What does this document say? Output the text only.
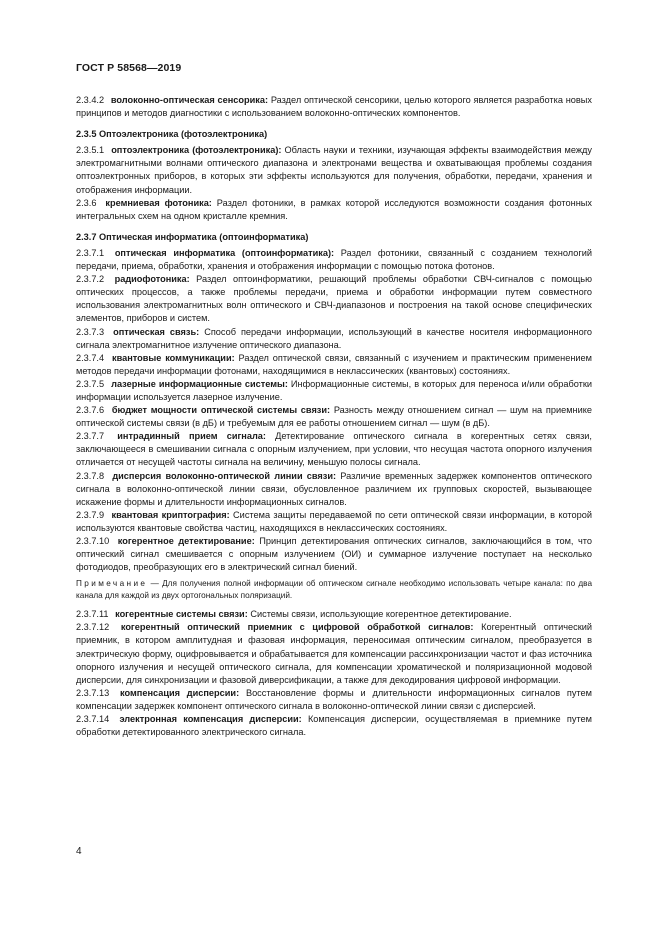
ГОСТ Р 58568—2019

2.3.4.2 волоконно-оптическая сенсорика: Раздел оптической сенсорики, целью которого является разработка новых принципов и методов диагностики с использованием волоконно-оптических компонентов.

2.3.5 Оптоэлектроника (фотоэлектроника)

2.3.5.1 оптоэлектроника (фотоэлектроника): Область науки и техники, изучающая эффекты взаимодействия между электромагнитными волнами оптического диапазона и электронами вещества и охватывающая проблемы создания оптоэлектронных приборов, в которых эти эффекты используются для получения, обработки, передачи, хранения и отображения информации.

2.3.6 кремниевая фотоника: Раздел фотоники, в рамках которой исследуются возможности создания фотонных интегральных схем на одном кристалле кремния.

2.3.7 Оптическая информатика (оптоинформатика)

2.3.7.1 оптическая информатика (оптоинформатика): Раздел фотоники, связанный с созданием технологий передачи, приема, обработки, хранения и отображения информации с помощью потока фотонов.

2.3.7.2 радиофотоника: Раздел оптоинформатики, решающий проблемы обработки СВЧ-сигналов с помощью оптических процессов, а также проблемы передачи, приема и обработки информации путем совместного использования электромагнитных волн оптического и СВЧ-диапазонов и построения на такой основе специфических элементов, приборов и систем.

2.3.7.3 оптическая связь: Способ передачи информации, использующий в качестве носителя информационного сигнала электромагнитное излучение оптического диапазона.

2.3.7.4 квантовые коммуникации: Раздел оптической связи, связанный с изучением и практическим применением методов передачи информации фотонами, находящимися в неклассических (квантовых) состояниях.

2.3.7.5 лазерные информационные системы: Информационные системы, в которых для переноса и/или обработки информации используется лазерное излучение.

2.3.7.6 бюджет мощности оптической системы связи: Разность между отношением сигнал — шум на приемнике оптической системы связи (в дБ) и требуемым для ее работы отношением сигнал — шум (в дБ).

2.3.7.7 интрадинный прием сигнала: Детектирование оптического сигнала в когерентных сетях связи, заключающееся в смешивании сигнала с опорным излучением, при условии, что несущая частота опорного излучения отличается от несущей частоты сигнала на величину, меньшую полосы сигнала.

2.3.7.8 дисперсия волоконно-оптической линии связи: Различие временных задержек компонентов оптического сигнала в волоконно-оптической линии связи, обусловленное различием их групповых скоростей, вызывающее искажение формы и длительности информационных сигналов.

2.3.7.9 квантовая криптография: Система защиты передаваемой по сети оптической связи информации, в которой используются квантовые свойства частиц, находящихся в неклассических состояниях.

2.3.7.10 когерентное детектирование: Принцип детектирования оптических сигналов, заключающийся в том, что оптический сигнал смешивается с опорным излучением (ОИ) и суммарное излучение поступает на несколько фотодиодов, преобразующих его в электрический сигнал биений.

Примечание — Для получения полной информации об оптическом сигнале необходимо использовать четыре канала: по два канала для каждой из двух ортогональных поляризаций.

2.3.7.11 когерентные системы связи: Системы связи, использующие когерентное детектирование.

2.3.7.12 когерентный оптический приемник с цифровой обработкой сигналов: Когерентный оптический приемник, в котором амплитудная и фазовая информация, переносимая оптическим сигналом, преобразуется в электрическую форму, оцифровывается и обрабатывается для компенсации рассинхронизации частот и фаз источника опорного излучения и несущей оптического сигнала, для компенсации хроматической и поляризационной модовой дисперсии, для синхронизации и фазовой диверсификации, а также для декодирования цифровой информации.

2.3.7.13 компенсация дисперсии: Восстановление формы и длительности информационных сигналов путем компенсации задержек компонент оптического сигнала в волоконно-оптической линии связи с дисперсией.

2.3.7.14 электронная компенсация дисперсии: Компенсация дисперсии, осуществляемая в приемнике путем обработки детектированного электрического сигнала.

4
